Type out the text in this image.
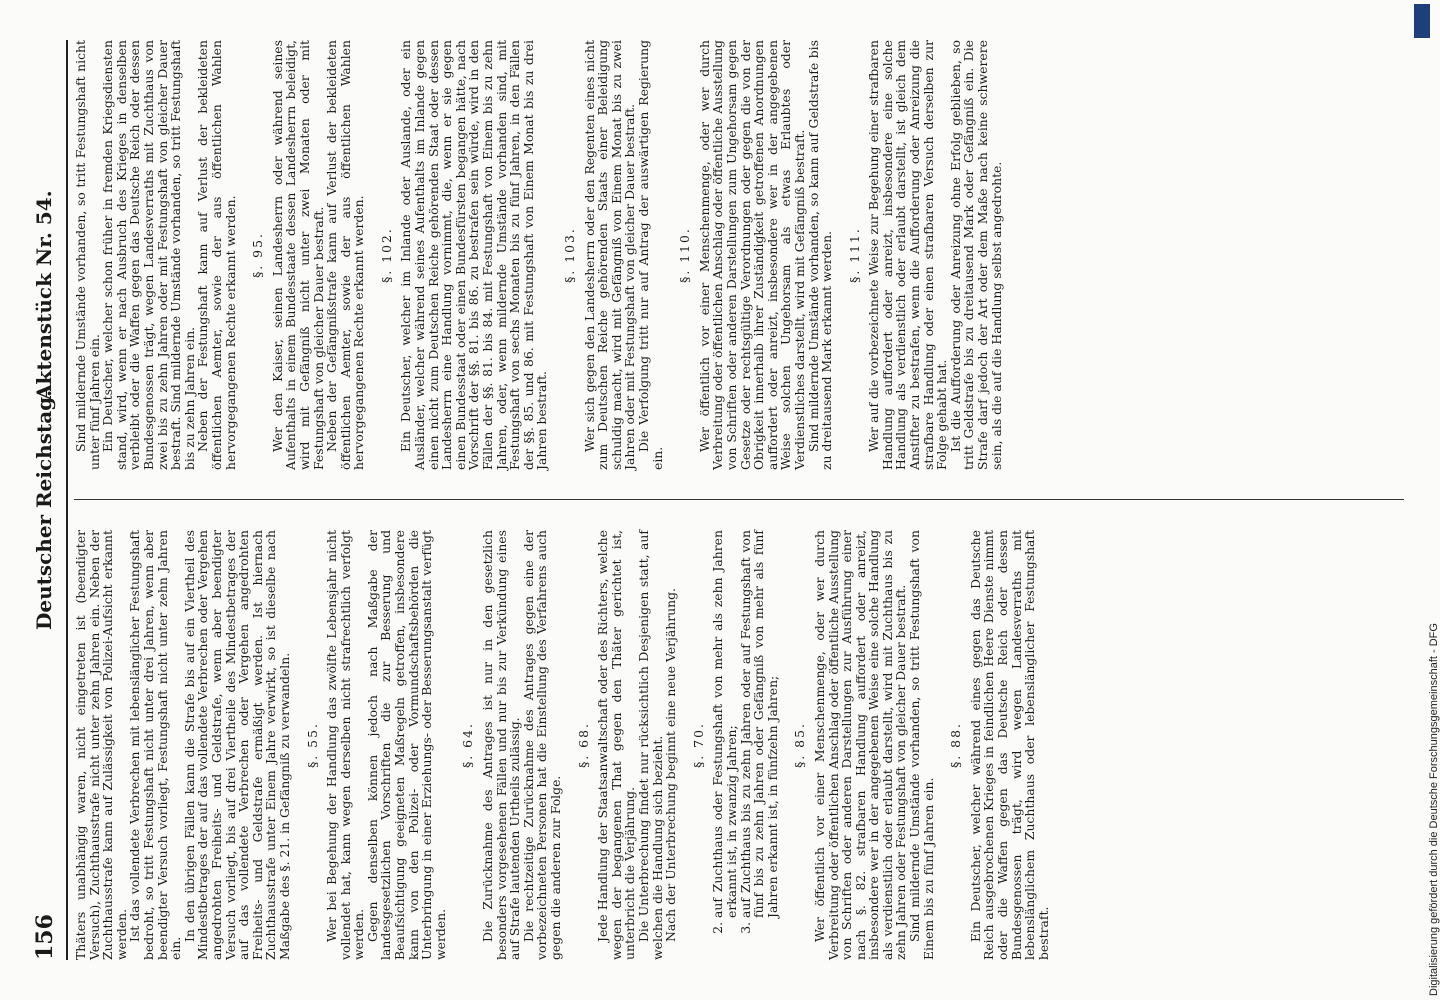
156
Deutscher Reichstag.
Aktenstück Nr. 54.

Thäters unabhängig waren, nicht eingetreten ist (beendigter Versuch), Zuchthausstrafe nicht unter zehn Jahren ein. Neben der Zuchthausstrafe kann auf Zulässigkeit von Polizei-Aufsicht erkannt werden.

Ist das vollendete Verbrechen mit lebenslänglicher Festungshaft bedroht, so tritt Festungshaft nicht unter drei Jahren, wenn aber beendigter Versuch vorliegt, Festungshaft nicht unter zehn Jahren ein.

In den übrigen Fällen kann die Strafe bis auf ein Viertheil des Mindestbetrages der auf das vollendete Verbrechen oder Vergehen angedrohten Freiheits- und Geldstrafe, wenn aber beendigter Versuch vorliegt, bis auf drei Viertheile des Mindestbetrages der auf das vollendete Verbrechen oder Vergehen angedrohten Freiheits- und Geldstrafe ermäßigt werden. Ist hiernach Zuchthausstrafe unter Einem Jahre verwirkt, so ist dieselbe nach Maßgabe des §. 21. in Gefängniß zu verwandeln. §. 55. Wer bei Begehung der Handlung das zwölfte Lebensjahr nicht vollendet hat, kann wegen derselben nicht strafrechtlich verfolgt werden.

Gegen denselben können jedoch nach Maßgabe der landesgesetzlichen Vorschriften die zur Besserung und Beaufsichtigung geeigneten Maßregeln getroffen, insbesondere kann von den Polizei- oder Vormundschaftsbehörden die Unterbringung in einer Erziehungs- oder Besserungsanstalt verfügt werden.

§. 64. Die Zurücknahme des Antrages ist nur in den gesetzlich besonders vorgesehenen Fällen und nur bis zur Verkündung eines auf Strafe lautenden Urtheils zulässig.

Die rechtzeitige Zurücknahme des Antrages gegen eine der vorbezeichneten Personen hat die Einstellung des Verfahrens auch gegen die anderen zur Folge.

§. 68. Jede Handlung der Staatsanwaltschaft oder des Richters, welche wegen der begangenen That gegen den Thäter gerichtet ist, unterbricht die Verjährung.

Die Unterbrechung findet nur rücksichtlich Desjenigen statt, auf welchen die Handlung sich bezieht.

Nach der Unterbrechung beginnt eine neue Verjährung. §. 70.
2. auf Zuchthaus oder Festungshaft von mehr als zehn Jahren erkannt ist, in zwanzig Jahren;
3. auf Zuchthaus bis zu zehn Jahren oder auf Festungshaft von fünf bis zu zehn Jahren oder Gefängniß von mehr als fünf Jahren erkannt ist, in fünfzehn Jahren; §. 85. Wer öffentlich vor einer Menschenmenge, oder wer durch Verbreitung oder öffentlichen Anschlag oder öffentliche Ausstellung von Schriften oder anderen Darstellungen zur Ausführung einer nach §. 82. strafbaren Handlung auffordert oder anreizt, insbesondere wer in der angegebenen Weise eine solche Handlung als verdienstlich oder erlaubt darstellt, wird mit Zuchthaus bis zu zehn Jahren oder Festungshaft von gleicher Dauer bestraft.

Sind mildernde Umstände vorhanden, so tritt Festungshaft von Einem bis zu fünf Jahren ein.

§. 88. Ein Deutscher, welcher während eines gegen das Deutsche Reich ausgebrochenen Krieges in feindlichen Heere Dienste nimmt oder die Waffen gegen das Deutsche Reich oder dessen Bundesgenossen trägt, wird wegen Landesverraths mit lebenslänglichem Zuchthaus oder lebenslänglicher Festungshaft bestraft.

Sind mildernde Umstände vorhanden, so tritt Festungshaft nicht unter fünf Jahren ein.

Ein Deutscher, welcher schon früher in fremden Kriegsdiensten stand, wird, wenn er nach Ausbruch des Krieges in denselben verbleibt oder die Waffen gegen das Deutsche Reich oder dessen Bundesgenossen trägt, wegen Landesverraths mit Zuchthaus von zwei bis zu zehn Jahren oder mit Festungshaft von gleicher Dauer bestraft. Sind mildernde Umstände vorhanden, so tritt Festungshaft bis zu zehn Jahren ein.

Neben der Festungshaft kann auf Verlust der bekleideten öffentlichen Aemter, sowie der aus öffentlichen Wahlen hervorgegangenen Rechte erkannt werden. §. 95. Wer den Kaiser, seinen Landesherrn oder während seines Aufenthalts in einem Bundesstaate dessen Landesherrn beleidigt, wird mit Gefängniß nicht unter zwei Monaten oder mit Festungshaft von gleicher Dauer bestraft.

Neben der Gefängnißstrafe kann auf Verlust der bekleideten öffentlichen Aemter, sowie der aus öffentlichen Wahlen hervorgegangenen Rechte erkannt werden. §. 102. Ein Deutscher, welcher im Inlande oder Auslande, oder ein Ausländer, welcher während seines Aufenthalts im Inlande gegen einen nicht zum Deutschen Reiche gehörenden Staat oder dessen Landesherrn eine Handlung vornimmt, die, wenn er sie gegen einen Bundesstaat oder einen Bundesfürsten begangen hätte, nach Vorschrift der §§. 81. bis 86. zu bestrafen sein würde, wird in den Fällen der §§. 81. bis 84. mit Festungshaft von Einem bis zu zehn Jahren, oder, wenn mildernde Umstände vorhanden sind, mit Festungshaft von sechs Monaten bis zu fünf Jahren, in den Fällen der §§. 85. und 86. mit Festungshaft von Einem Monat bis zu drei Jahren bestraft.

§. 103. Wer sich gegen den Landesherrn oder den Regenten eines nicht zum Deutschen Reiche gehörenden Staats einer Beleidigung schuldig macht, wird mit Gefängniß von Einem Monat bis zu zwei Jahren oder mit Festungshaft von gleicher Dauer bestraft.

Die Verfolgung tritt nur auf Antrag der auswärtigen Regierung ein.

§. 110. Wer öffentlich vor einer Menschenmenge, oder wer durch Verbreitung oder öffentlichen Anschlag oder öffentliche Ausstellung von Schriften oder anderen Darstellungen zum Ungehorsam gegen Gesetze oder rechtsgültige Verordnungen oder gegen die von der Obrigkeit innerhalb ihrer Zuständigkeit getroffenen Anordnungen auffordert oder anreizt, insbesondere wer in der angegebenen Weise solchen Ungehorsam als etwas Erlaubtes oder Verdienstliches darstellt, wird mit Gefängniß bestraft.

Sind mildernde Umstände vorhanden, so kann auf Geldstrafe bis zu dreitausend Mark erkannt werden. §. 111. Wer auf die vorbezeichnete Weise zur Begehung einer strafbaren Handlung auffordert oder anreizt, insbesondere eine solche Handlung als verdienstlich oder erlaubt darstellt, ist gleich dem Anstifter zu bestrafen, wenn die Aufforderung oder Anreizung die strafbare Handlung oder einen strafbaren Versuch derselben zur Folge gehabt hat.

Ist die Aufforderung oder Anreizung ohne Erfolg geblieben, so tritt Geldstrafe bis zu dreitausend Mark oder Gefängniß ein. Die Strafe darf jedoch der Art oder dem Maße nach keine schwerere sein, als die auf die Handlung selbst angedrohte.

Digitalisierung gefördert durch die Deutsche Forschungsgemeinschaft - DFG
